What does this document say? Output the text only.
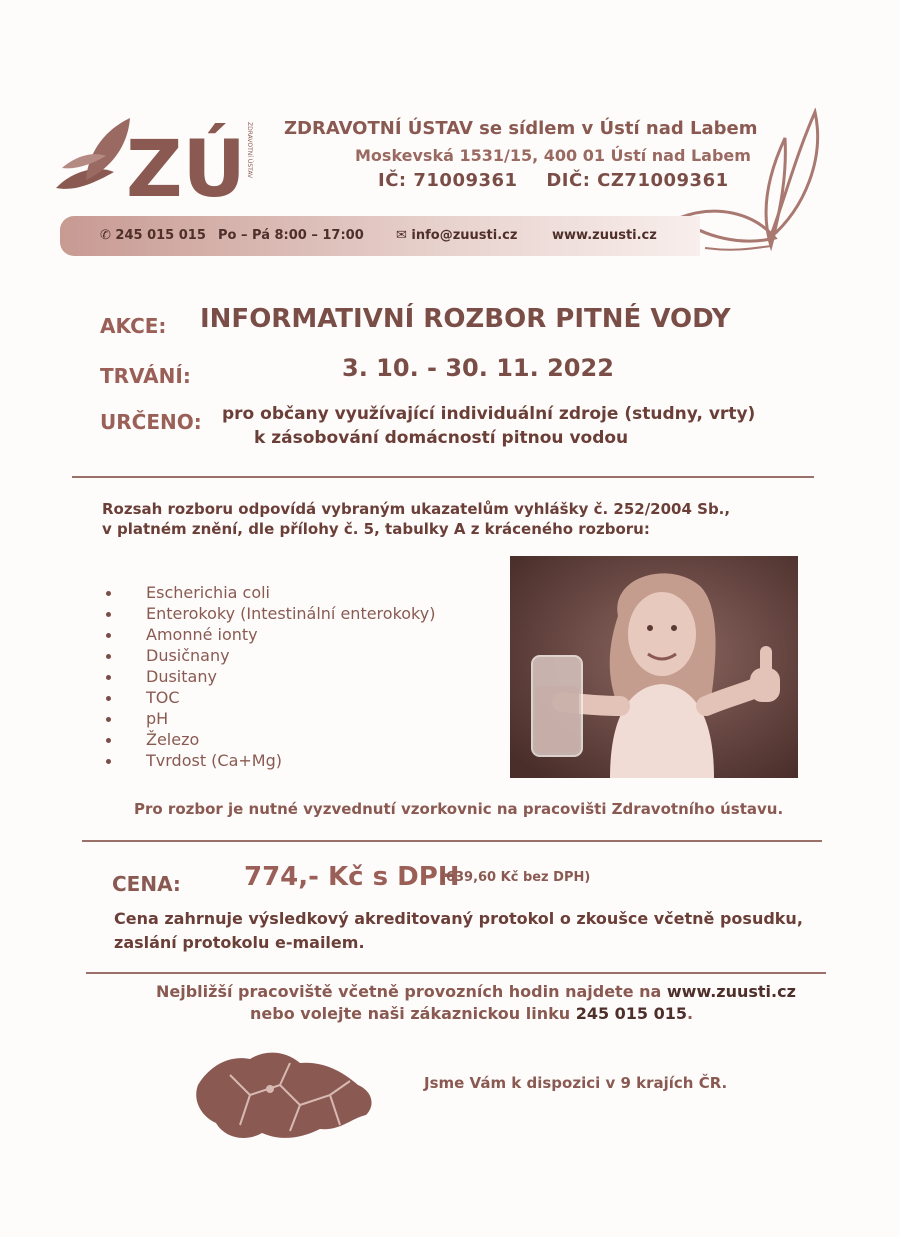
ZÚ ZDRAVOTNÍ ÚSTAV ZDRAVOTNÍ ÚSTAV se sídlem v Ústí nad Labem
Moskevská 1531/15, 400 01 Ústí nad Labem
IČ: 71009361 DIČ: CZ71009361
✆ 245 015 015 Po – Pá 8:00 – 17:00 ✉ info@zuusti.cz	www.zuusti.cz
AKCE: INFORMATIVNÍ ROZBOR PITNÉ VODY
TRVÁNÍ:	3. 10. - 30. 11. 2022
URČENO: pro občany využívající individuální zdroje (studny, vrty)
k zásobování domácností pitnou vodou
Rozsah rozboru odpovídá vybraným ukazatelům vyhlášky č. 252/2004 Sb.,
v platném znění, dle přílohy č. 5, tabulky A z kráceného rozboru:
Escherichia coli
Enterokoky (Intestinální enterokoky)
Amonné ionty
Dusičnany
Dusitany
TOC
pH
Železo
Tvrdost (Ca+Mg)
Pro rozbor je nutné vyzvednutí vzorkovnic na pracovišti Zdravotního ústavu.
CENA: 774,- Kč s DPH
(639,60 Kč bez DPH)
Cena zahrnuje výsledkový akreditovaný protokol o zkoušce včetně posudku,
zaslání protokolu e-mailem.
Nejbližší pracoviště včetně provozních hodin najdete na www.zuusti.cz
nebo volejte naši zákaznickou linku 245 015 015.
Jsme Vám k dispozici v 9 krajích ČR.
